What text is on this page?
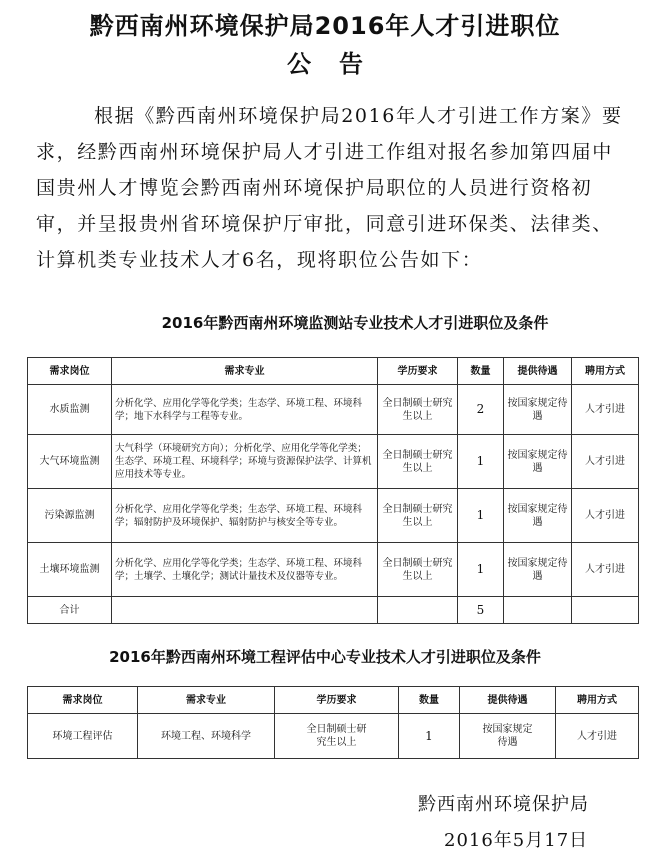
黔西南州环境保护局2016年人才引进职位
公告
根据《黔西南州环境保护局2016年人才引进工作方案》要
求，经黔西南州环境保护局人才引进工作组对报名参加第四届中
国贵州人才博览会黔西南州环境保护局职位的人员进行资格初
审，并呈报贵州省环境保护厅审批，同意引进环保类、法律类、
计算机类专业技术人才6名，现将职位公告如下：
2016年黔西南州环境监测站专业技术人才引进职位及条件
需求岗位	需求专业	学历要求	数量	提供待遇	聘用方式
水质监测	分析化学、应用化学等化学类；生态学、环境工程、环境科学；地下水科学与工程等专业。	全日制硕士研究生以上	2	按国家规定待遇	人才引进
大气环境监测	大气科学（环境研究方向）；分析化学、应用化学等化学类；生态学、环境工程、环境科学；环境与资源保护法学、计算机应用技术等专业。	全日制硕士研究生以上	1	按国家规定待遇	人才引进
污染源监测	分析化学、应用化学等化学类；生态学、环境工程、环境科学；辐射防护及环境保护、辐射防护与核安全等专业。	全日制硕士研究生以上	1	按国家规定待遇	人才引进
土壤环境监测	分析化学、应用化学等化学类；生态学、环境工程、环境科学；土壤学、土壤化学；测试计量技术及仪器等专业。	全日制硕士研究生以上	1	按国家规定待遇	人才引进
合计			5		
2016年黔西南州环境工程评估中心专业技术人才引进职位及条件
需求岗位	需求专业	学历要求	数量	提供待遇	聘用方式
环境工程评估	环境工程、环境科学	全日制硕士研究生以上	1	按国家规定待遇	人才引进
黔西南州环境保护局
2016年5月17日
